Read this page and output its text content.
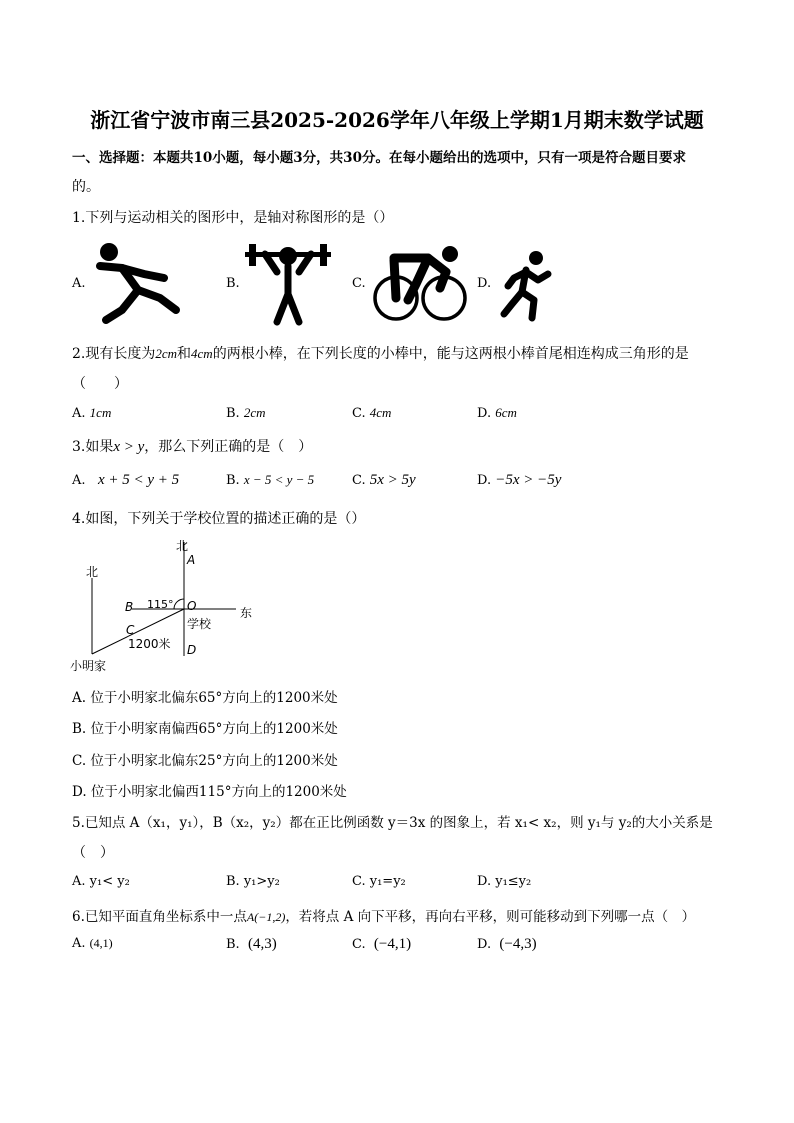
浙江省宁波市南三县2025-2026学年八年级上学期1月期末数学试题
一、选择题：本题共10小题，每小题3分，共30分。在每小题给出的选项中，只有一项是符合题目要求
的。
1.下列与运动相关的图形中，是轴对称图形的是（）
A.	B.	C.	D.
2.现有长度为2cm和4cm的两根小棒，在下列长度的小棒中，能与这两根小棒首尾相连构成三角形的是
（　　）
A. 1cm	B. 2cm	C. 4cm	D. 6cm
3.如果x > y，那么下列正确的是（　）
A. x + 5 < y + 5	B. x − 5 < y − 5	C. 5x > 5y	D. −5x > −5y
4.如图，下列关于学校位置的描述正确的是（）
北
A
北
B 115° O	东
C	学校
1200米 D
小明家
A. 位于小明家北偏东65°方向上的1200米处
B. 位于小明家南偏西65°方向上的1200米处
C. 位于小明家北偏东25°方向上的1200米处
D. 位于小明家北偏西115°方向上的1200米处
5.已知点 A（x₁，y₁），B（x₂，y₂）都在正比例函数 y＝3x 的图象上，若 x₁< x₂，则 y₁与 y₂的大小关系是
（　）
A. y₁< y₂	B. y₁>y₂	C. y₁=y₂	D. y₁≤y₂
6.已知平面直角坐标系中一点A(−1,2)，若将点 A 向下平移，再向右平移，则可能移动到下列哪一点（　）
A. (4,1)	B. (4,3)	C. (−4,1)	D. (−4,3)
